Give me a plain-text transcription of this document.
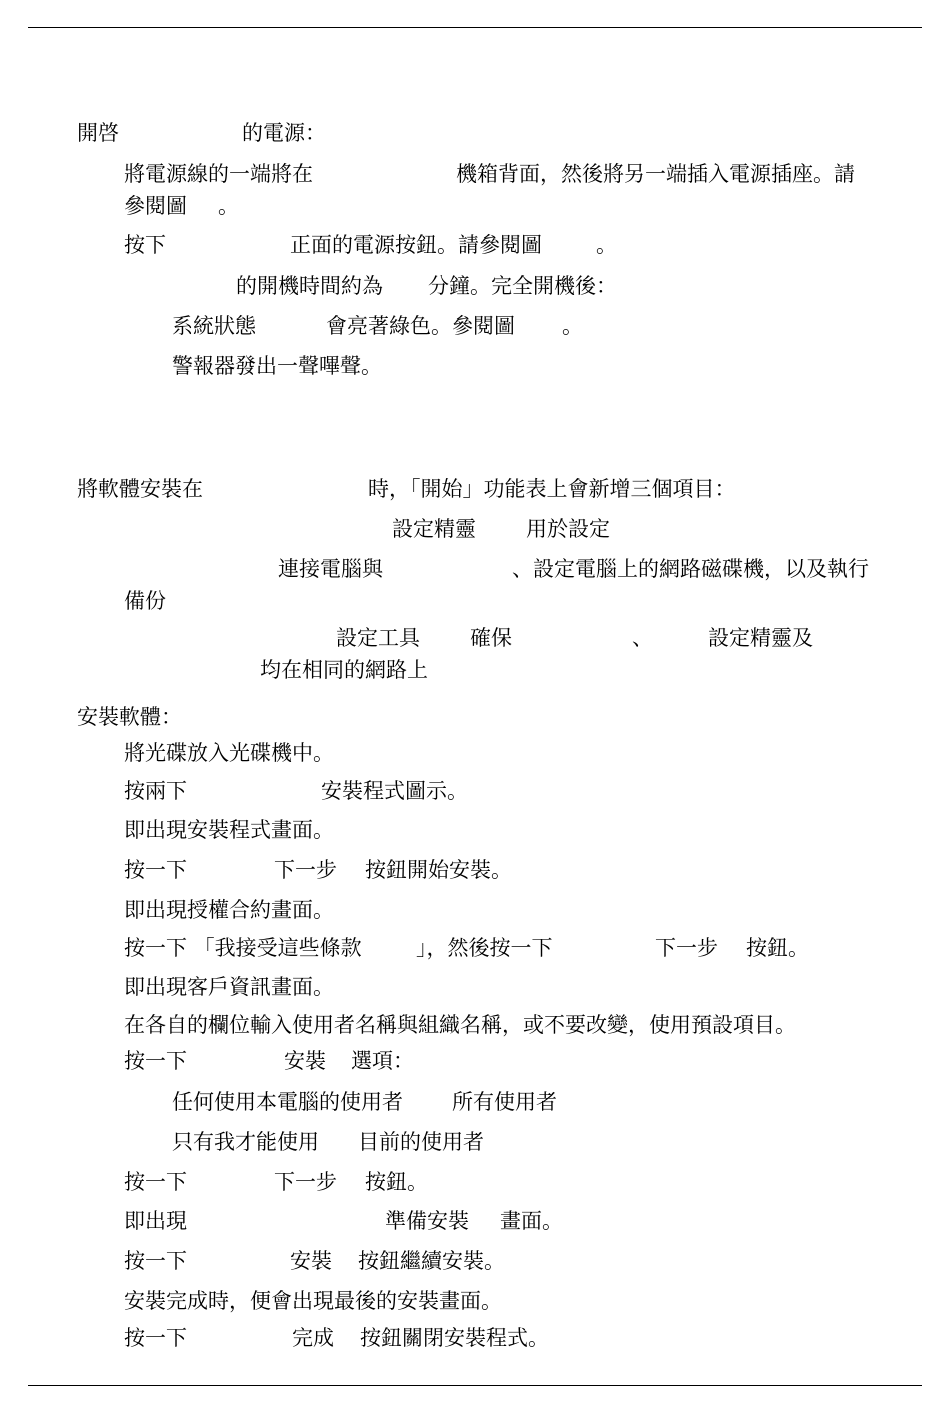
開啓	的電源：
將電源線的一端將在	機箱背面，然後將另一端插入電源插座。請
參閱圖 。
按下	正面的電源按鈕。請參閱圖	。
的開機時間約為 分鐘。完全開機後：
系統狀態	會亮著綠色。參閱圖 。
警報器發出一聲嗶聲。
將軟體安裝在	時，「開始」功能表上會新增三個項目：
設定精靈 用於設定
連接電腦與	、設定電腦上的網路磁碟機，以及執行
備份
設定工具 確保	、	設定精靈及
均在相同的網路上
安裝軟體：
將光碟放入光碟機中。
按兩下	安裝程式圖示。
即出現安裝程式畫面。
按一下	下一步 按鈕開始安裝。
即出現授權合約畫面。
按一下 「我接受這些條款	」，然後按一下	下一步 按鈕。
即出現客戶資訊畫面。
在各自的欄位輸入使用者名稱與組織名稱，或不要改變，使用預設項目。
按一下	安裝 選項：
任何使用本電腦的使用者 所有使用者
只有我才能使用 目前的使用者
按一下	下一步 按鈕。
即出現	準備安裝 畫面。
按一下	安裝 按鈕繼續安裝。
安裝完成時，便會出現最後的安裝畫面。
按一下	完成 按鈕關閉安裝程式。
